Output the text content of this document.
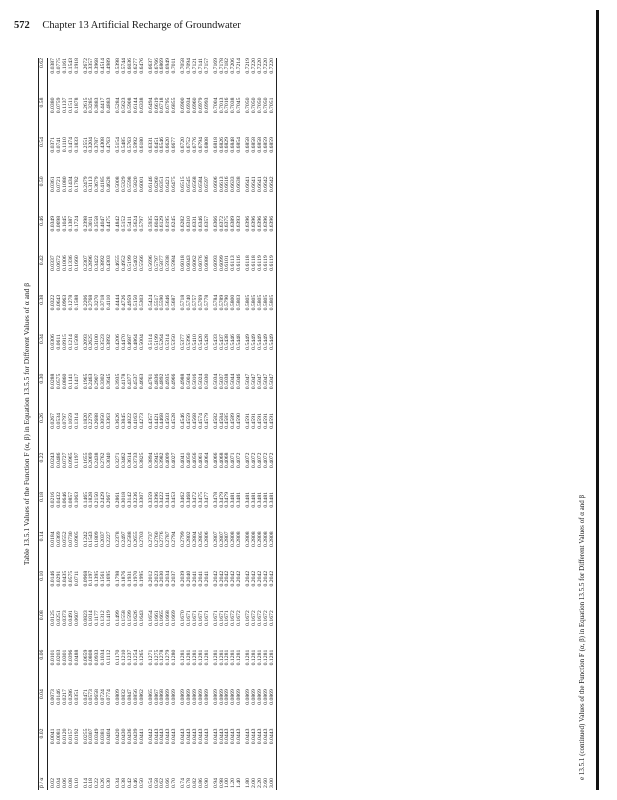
572 Chapter 13 Artificial Recharge of Groundwater
Table 13.5.1 Values of the Function F (α, β) in Equation 13.5.5 for Different Values of α and β
β / α	0.02	0.04	0.06	0.08	0.10	0.14	0.18	0.22	0.26	0.30	0.34	0.38	0.42	0.46	0.50	0.54	0.58	0.62
0.02	0.0041	0.0073	0.0101	0.0125	0.0146	0.0184	0.0216	0.0243	0.0267	0.0288	0.0306	0.0322	0.0337	0.0349	0.0361	0.0371	0.0380	0.0387
0.04	0.0081	0.0146	0.0203	0.0251	0.0291	0.0369	0.0432	0.0486	0.0534	0.0575	0.0611	0.0643	0.0672	0.0698	0.0721	0.0741	0.0759	0.0775
0.06	0.0120	0.0217	0.0301	0.0373	0.0435	0.0552	0.0646	0.0727	0.0797	0.0860	0.0915	0.0963	0.1006	0.1045	0.1080	0.1110	0.1137	0.1161
0.08	0.0157	0.0286	0.0396	0.0491	0.0575	0.0730	0.0857	0.0965	0.1059	0.1141	0.1214	0.1278	0.1336	0.1387	0.1434	0.1474	0.1511	0.1543
0.10	0.0192	0.0351	0.0488	0.0607	0.0711	0.0905	0.1063	0.1197	0.1314	0.1417	0.1508	0.1588	0.1660	0.1724	0.1782	0.1833	0.1878	0.1918
0.14	0.0255	0.0471	0.0659	0.0823	0.0968	0.1242	0.1465	0.1655	0.1820	0.1965	0.2093	0.2206	0.2307	0.2398	0.2479	0.2551	0.2615	0.2672
0.18	0.0307	0.0573	0.0808	0.1014	0.1197	0.1543	0.1828	0.2069	0.2279	0.2463	0.2625	0.2768	0.2896	0.3011	0.3113	0.3204	0.3285	0.3357
0.22	0.0349	0.0658	0.0933	0.1177	0.1395	0.1809	0.2150	0.2438	0.2688	0.2907	0.3100	0.3270	0.3422	0.3558	0.3679	0.3787	0.3883	0.3968
0.26	0.0381	0.0724	0.1034	0.1312	0.1561	0.2037	0.2429	0.2762	0.3050	0.3302	0.3523	0.3718	0.3892	0.4047	0.4185	0.4308	0.4417	0.4514
0.30	0.0404	0.0774	0.1112	0.1419	0.1695	0.2227	0.2667	0.3040	0.3363	0.3645	0.3892	0.4110	0.4303	0.4475	0.4628	0.4763	0.4883	0.4989
0.34	0.0420	0.0809	0.1170	0.1499	0.1798	0.2378	0.2861	0.3271	0.3626	0.3935	0.4206	0.4444	0.4655	0.4842	0.5008	0.5154	0.5284	0.5398
0.38	0.0430	0.0832	0.1210	0.1558	0.1876	0.2497	0.3018	0.3462	0.3845	0.4178	0.4470	0.4726	0.4952	0.5152	0.5329	0.5485	0.5623	0.5744
0.42	0.0436	0.0847	0.1237	0.1599	0.1931	0.2588	0.3142	0.3614	0.4022	0.4377	0.4687	0.4959	0.5199	0.5411	0.5598	0.5763	0.5908	0.6036
0.46	0.0439	0.0856	0.1254	0.1626	0.1970	0.2655	0.3236	0.3733	0.4163	0.4537	0.4864	0.5150	0.5402	0.5624	0.5820	0.5992	0.6144	0.6277
0.50	0.0441	0.0862	0.1265	0.1643	0.1995	0.2703	0.3307	0.3825	0.4273	0.4663	0.5004	0.5303	0.5566	0.5797	0.6001	0.6180	0.6338	0.6476
0.54	0.0442	0.0865	0.1271	0.1654	0.2012	0.2737	0.3359	0.3894	0.4357	0.4761	0.5114	0.5424	0.5696	0.5935	0.6146	0.6331	0.6494	0.6637
0.58	0.0443	0.0867	0.1275	0.1661	0.2023	0.2760	0.3396	0.3945	0.4421	0.4836	0.5199	0.5517	0.5797	0.6043	0.6260	0.6451	0.6619	0.6766
0.62	0.0443	0.0868	0.1278	0.1665	0.2030	0.2776	0.3422	0.3982	0.4468	0.4892	0.5264	0.5590	0.5877	0.6129	0.6351	0.6546	0.6718	0.6869
0.66	0.0443	0.0869	0.1279	0.1668	0.2034	0.2787	0.3441	0.4009	0.4503	0.4935	0.5314	0.5646	0.5938	0.6195	0.6421	0.6620	0.6795	0.6949
0.70	0.0443	0.0869	0.1280	0.1669	0.2037	0.2794	0.3453	0.4027	0.4528	0.4966	0.5350	0.5687	0.5984	0.6245	0.6475	0.6677	0.6855	0.7011
0.74	0.0443	0.0869	0.1281	0.1670	0.2039	0.2799	0.3462	0.4041	0.4546	0.4988	0.5377	0.5718	0.6018	0.6282	0.6515	0.6720	0.6900	0.7058
0.78	0.0443	0.0869	0.1281	0.1671	0.2040	0.2802	0.3468	0.4050	0.4559	0.5004	0.5396	0.5740	0.6043	0.6310	0.6545	0.6752	0.6934	0.7094
0.82	0.0443	0.0869	0.1281	0.1671	0.2041	0.2804	0.3472	0.4056	0.4568	0.5016	0.5410	0.5757	0.6062	0.6331	0.6568	0.6776	0.6960	0.7121
0.86	0.0443	0.0869	0.1281	0.1671	0.2041	0.2805	0.3475	0.4061	0.4574	0.5024	0.5420	0.5769	0.6076	0.6346	0.6584	0.6794	0.6979	0.7141
0.90	0.0443	0.0869	0.1281	0.1671	0.2041	0.2806	0.3477	0.4064	0.4579	0.5030	0.5428	0.5778	0.6086	0.6357	0.6597	0.6808	0.6993	0.7157
0.94	0.0443	0.0869	0.1281	0.1671	0.2042	0.2807	0.3478	0.4066	0.4582	0.5034	0.5433	0.5784	0.6093	0.6366	0.6606	0.6818	0.7004	0.7169
0.98	0.0443	0.0869	0.1281	0.1671	0.2042	0.2807	0.3479	0.4068	0.4584	0.5037	0.5437	0.5789	0.6099	0.6372	0.6613	0.6826	0.7013	0.7178
1.00	0.0443	0.0869	0.1281	0.1671	0.2042	0.2807	0.3479	0.4068	0.4585	0.5038	0.5438	0.5790	0.6101	0.6375	0.6616	0.6829	0.7016	0.7182
1.20	0.0443	0.0869	0.1281	0.1672	0.2042	0.2808	0.3481	0.4071	0.4589	0.5044	0.5446	0.5800	0.6113	0.6389	0.6633	0.6848	0.7038	0.7206
1.40	0.0443	0.0869	0.1281	0.1672	0.2042	0.2808	0.3481	0.4072	0.4590	0.5046	0.5448	0.5803	0.6116	0.6393	0.6638	0.6854	0.7045	0.7214
1.80	0.0443	0.0869	0.1281	0.1672	0.2042	0.2808	0.3481	0.4072	0.4591	0.5047	0.5449	0.5805	0.6118	0.6396	0.6641	0.6858	0.7050	0.7219
2.00	0.0443	0.0869	0.1281	0.1672	0.2042	0.2808	0.3481	0.4072	0.4591	0.5047	0.5449	0.5805	0.6118	0.6396	0.6641	0.6858	0.7050	0.7220
2.20	0.0443	0.0869	0.1281	0.1672	0.2042	0.2808	0.3481	0.4072	0.4591	0.5047	0.5449	0.5805	0.6119	0.6396	0.6641	0.6858	0.7050	0.7220
2.60	0.0443	0.0869	0.1281	0.1672	0.2042	0.2808	0.3481	0.4072	0.4591	0.5047	0.5449	0.5805	0.6119	0.6396	0.6642	0.6859	0.7050	0.7220
3.00	0.0443	0.0869	0.1281	0.1672	0.2042	0.2808	0.3481	0.4072	0.4591	0.5047	0.5449	0.5805	0.6119	0.6396	0.6642	0.6859	0.7051	0.7220
e 13.5.1 (continued) Values of the Function F (α, β) in Equation 13.5.5 for Different Values of α and β
